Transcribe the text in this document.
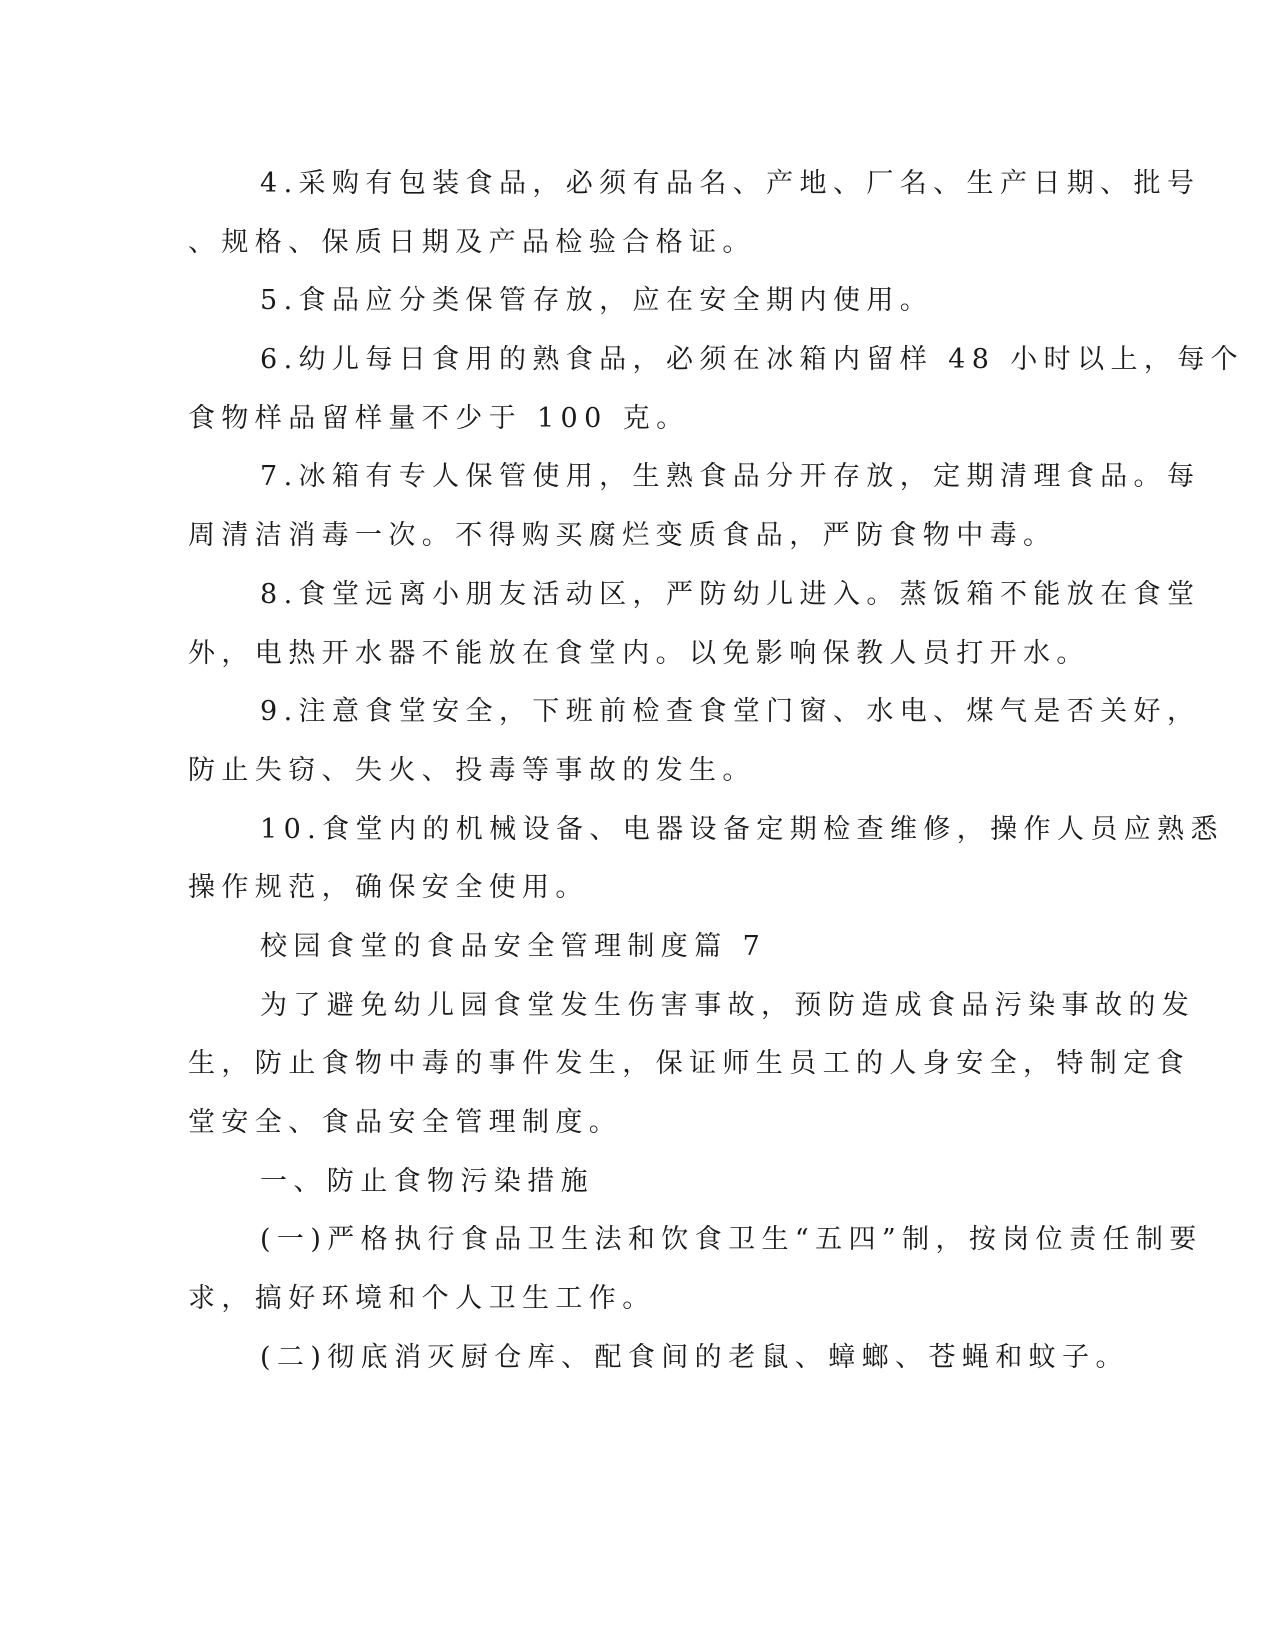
4.采购有包装食品，必须有品名、产地、厂名、生产日期、批号
、规格、保质日期及产品检验合格证。
5.食品应分类保管存放，应在安全期内使用。
6.幼儿每日食用的熟食品，必须在冰箱内留样 48 小时以上，每个
食物样品留样量不少于 100 克。
7.冰箱有专人保管使用，生熟食品分开存放，定期清理食品。每
周清洁消毒一次。不得购买腐烂变质食品，严防食物中毒。
8.食堂远离小朋友活动区，严防幼儿进入。蒸饭箱不能放在食堂
外，电热开水器不能放在食堂内。以免影响保教人员打开水。
9.注意食堂安全，下班前检查食堂门窗、水电、煤气是否关好，
防止失窃、失火、投毒等事故的发生。
10.食堂内的机械设备、电器设备定期检查维修，操作人员应熟悉
操作规范，确保安全使用。
校园食堂的食品安全管理制度篇 7
为了避免幼儿园食堂发生伤害事故，预防造成食品污染事故的发
生，防止食物中毒的事件发生，保证师生员工的人身安全，特制定食
堂安全、食品安全管理制度。
一、防止食物污染措施
(一)严格执行食品卫生法和饮食卫生“五四”制，按岗位责任制要
求，搞好环境和个人卫生工作。
(二)彻底消灭厨仓库、配食间的老鼠、蟑螂、苍蝇和蚊子。
